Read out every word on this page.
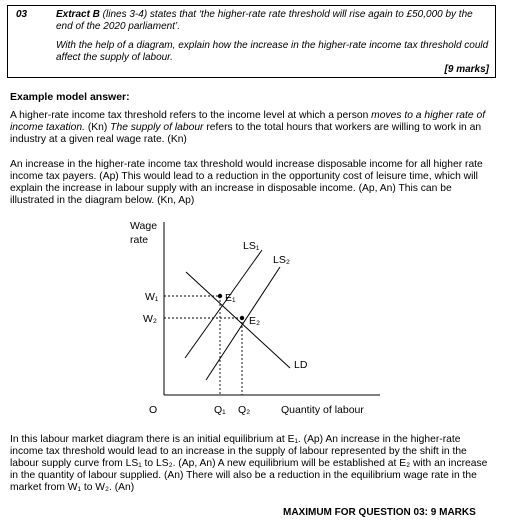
03	Extract B (lines 3-4) states that ‘the higher-rate rate threshold will rise again to £50,000 by the end of the 2020 parliament’.

With the help of a diagram, explain how the increase in the higher-rate income tax threshold could affect the supply of labour.

[9 marks]
Example model answer:

A higher-rate income tax threshold refers to the income level at which a person moves to a higher rate of income taxation. (Kn) The supply of labour refers to the total hours that workers are willing to work in an industry at a given real wage rate. (Kn)

An increase in the higher-rate income tax threshold would increase disposable income for all higher rate income tax payers. (Ap) This would lead to a reduction in the opportunity cost of leisure time, which will explain the increase in labour supply with an increase in disposable income. (Ap, An) This can be illustrated in the diagram below. (Kn, Ap)

Wage
rate
O
LS₁
LS₂
LD
E₁
E₂
W₁
W₂
Q₁ Q₂	Quantity of labour

In this labour market diagram there is an initial equilibrium at E₁. (Ap) An increase in the higher-rate income tax threshold would lead to an increase in the supply of labour represented by the shift in the labour supply curve from LS₁ to LS₂. (Ap, An) A new equilibrium will be established at E₂ with an increase in the quantity of labour supplied. (An) There will also be a reduction in the equilibrium wage rate in the market from W₁ to W₂. (An)

MAXIMUM FOR QUESTION 03: 9 MARKS
